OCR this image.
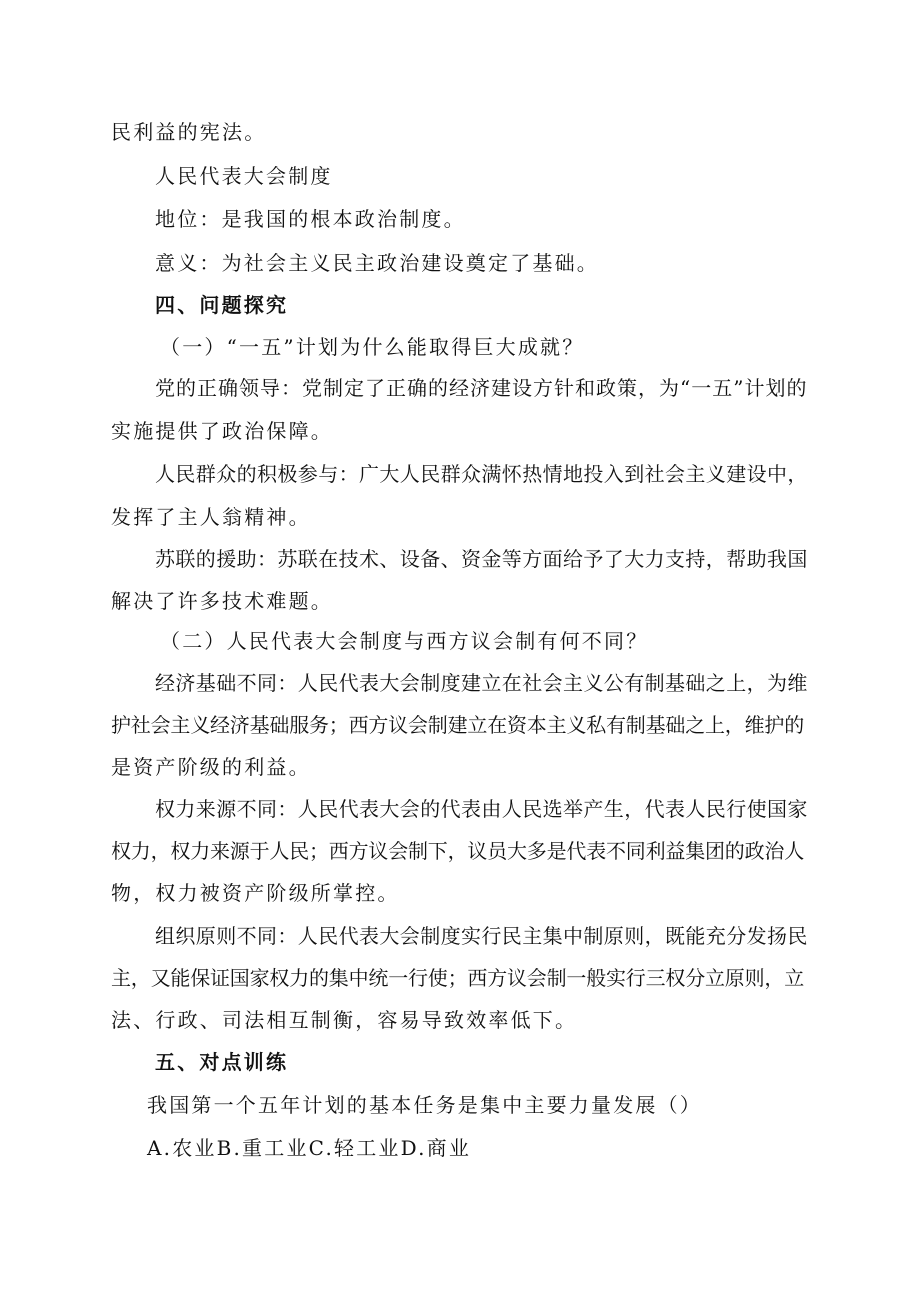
民利益的宪法。
人民代表大会制度
地位：是我国的根本政治制度。
意义：为社会主义民主政治建设奠定了基础。
四、问题探究
（一）“一五”计划为什么能取得巨大成就？
党的正确领导：党制定了正确的经济建设方针和政策，为“一五”计划的
实施提供了政治保障。
人民群众的积极参与：广大人民群众满怀热情地投入到社会主义建设中，
发挥了主人翁精神。
苏联的援助：苏联在技术、设备、资金等方面给予了大力支持，帮助我国
解决了许多技术难题。
（二）人民代表大会制度与西方议会制有何不同？
经济基础不同：人民代表大会制度建立在社会主义公有制基础之上，为维
护社会主义经济基础服务；西方议会制建立在资本主义私有制基础之上，维护的
是资产阶级的利益。
权力来源不同：人民代表大会的代表由人民选举产生，代表人民行使国家
权力，权力来源于人民；西方议会制下，议员大多是代表不同利益集团的政治人
物，权力被资产阶级所掌控。
组织原则不同：人民代表大会制度实行民主集中制原则，既能充分发扬民
主，又能保证国家权力的集中统一行使；西方议会制一般实行三权分立原则，立
法、行政、司法相互制衡，容易导致效率低下。
五、对点训练
我国第一个五年计划的基本任务是集中主要力量发展（）
A.农业B.重工业C.轻工业D.商业
